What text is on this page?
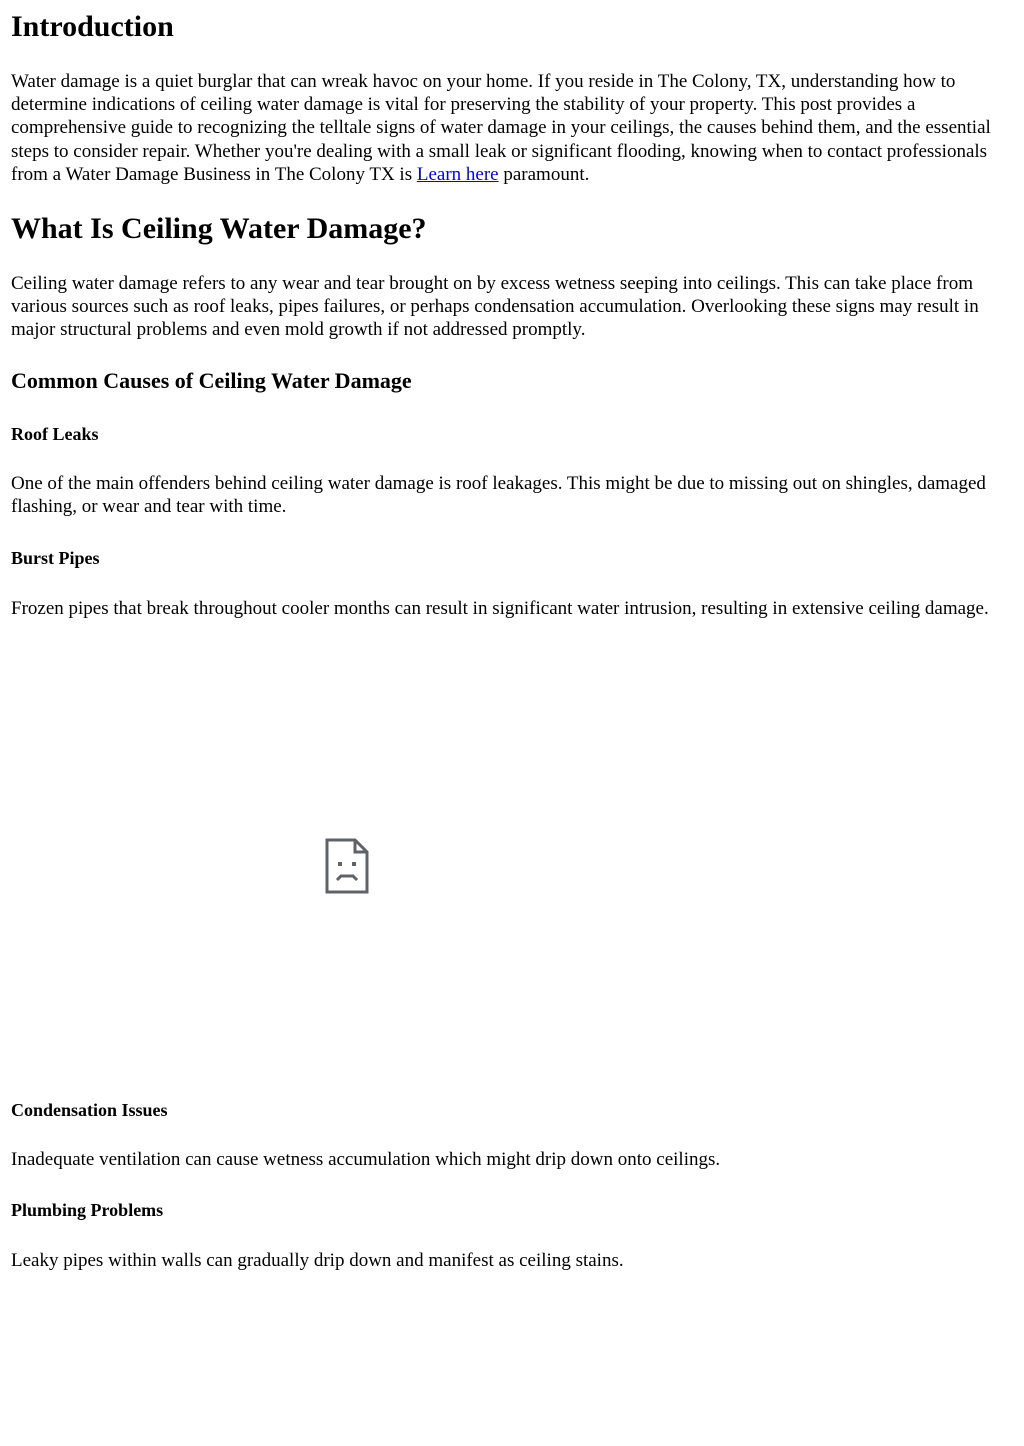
Introduction

Water damage is a quiet burglar that can wreak havoc on your home. If you reside in The Colony, TX, understanding how to determine indications of ceiling water damage is vital for preserving the stability of your property. This post provides a comprehensive guide to recognizing the telltale signs of water damage in your ceilings, the causes behind them, and the essential steps to consider repair. Whether you're dealing with a small leak or significant flooding, knowing when to contact professionals from a Water Damage Business in The Colony TX is Learn here paramount.

What Is Ceiling Water Damage?

Ceiling water damage refers to any wear and tear brought on by excess wetness seeping into ceilings. This can take place from various sources such as roof leaks, pipes failures, or perhaps condensation accumulation. Overlooking these signs may result in major structural problems and even mold growth if not addressed promptly.

Common Causes of Ceiling Water Damage
Roof Leaks

One of the main offenders behind ceiling water damage is roof leakages. This might be due to missing out on shingles, damaged flashing, or wear and tear with time.

Burst Pipes

Frozen pipes that break throughout cooler months can result in significant water intrusion, resulting in extensive ceiling damage.

Condensation Issues

Inadequate ventilation can cause wetness accumulation which might drip down onto ceilings.

Plumbing Problems

Leaky pipes within walls can gradually drip down and manifest as ceiling stains.
